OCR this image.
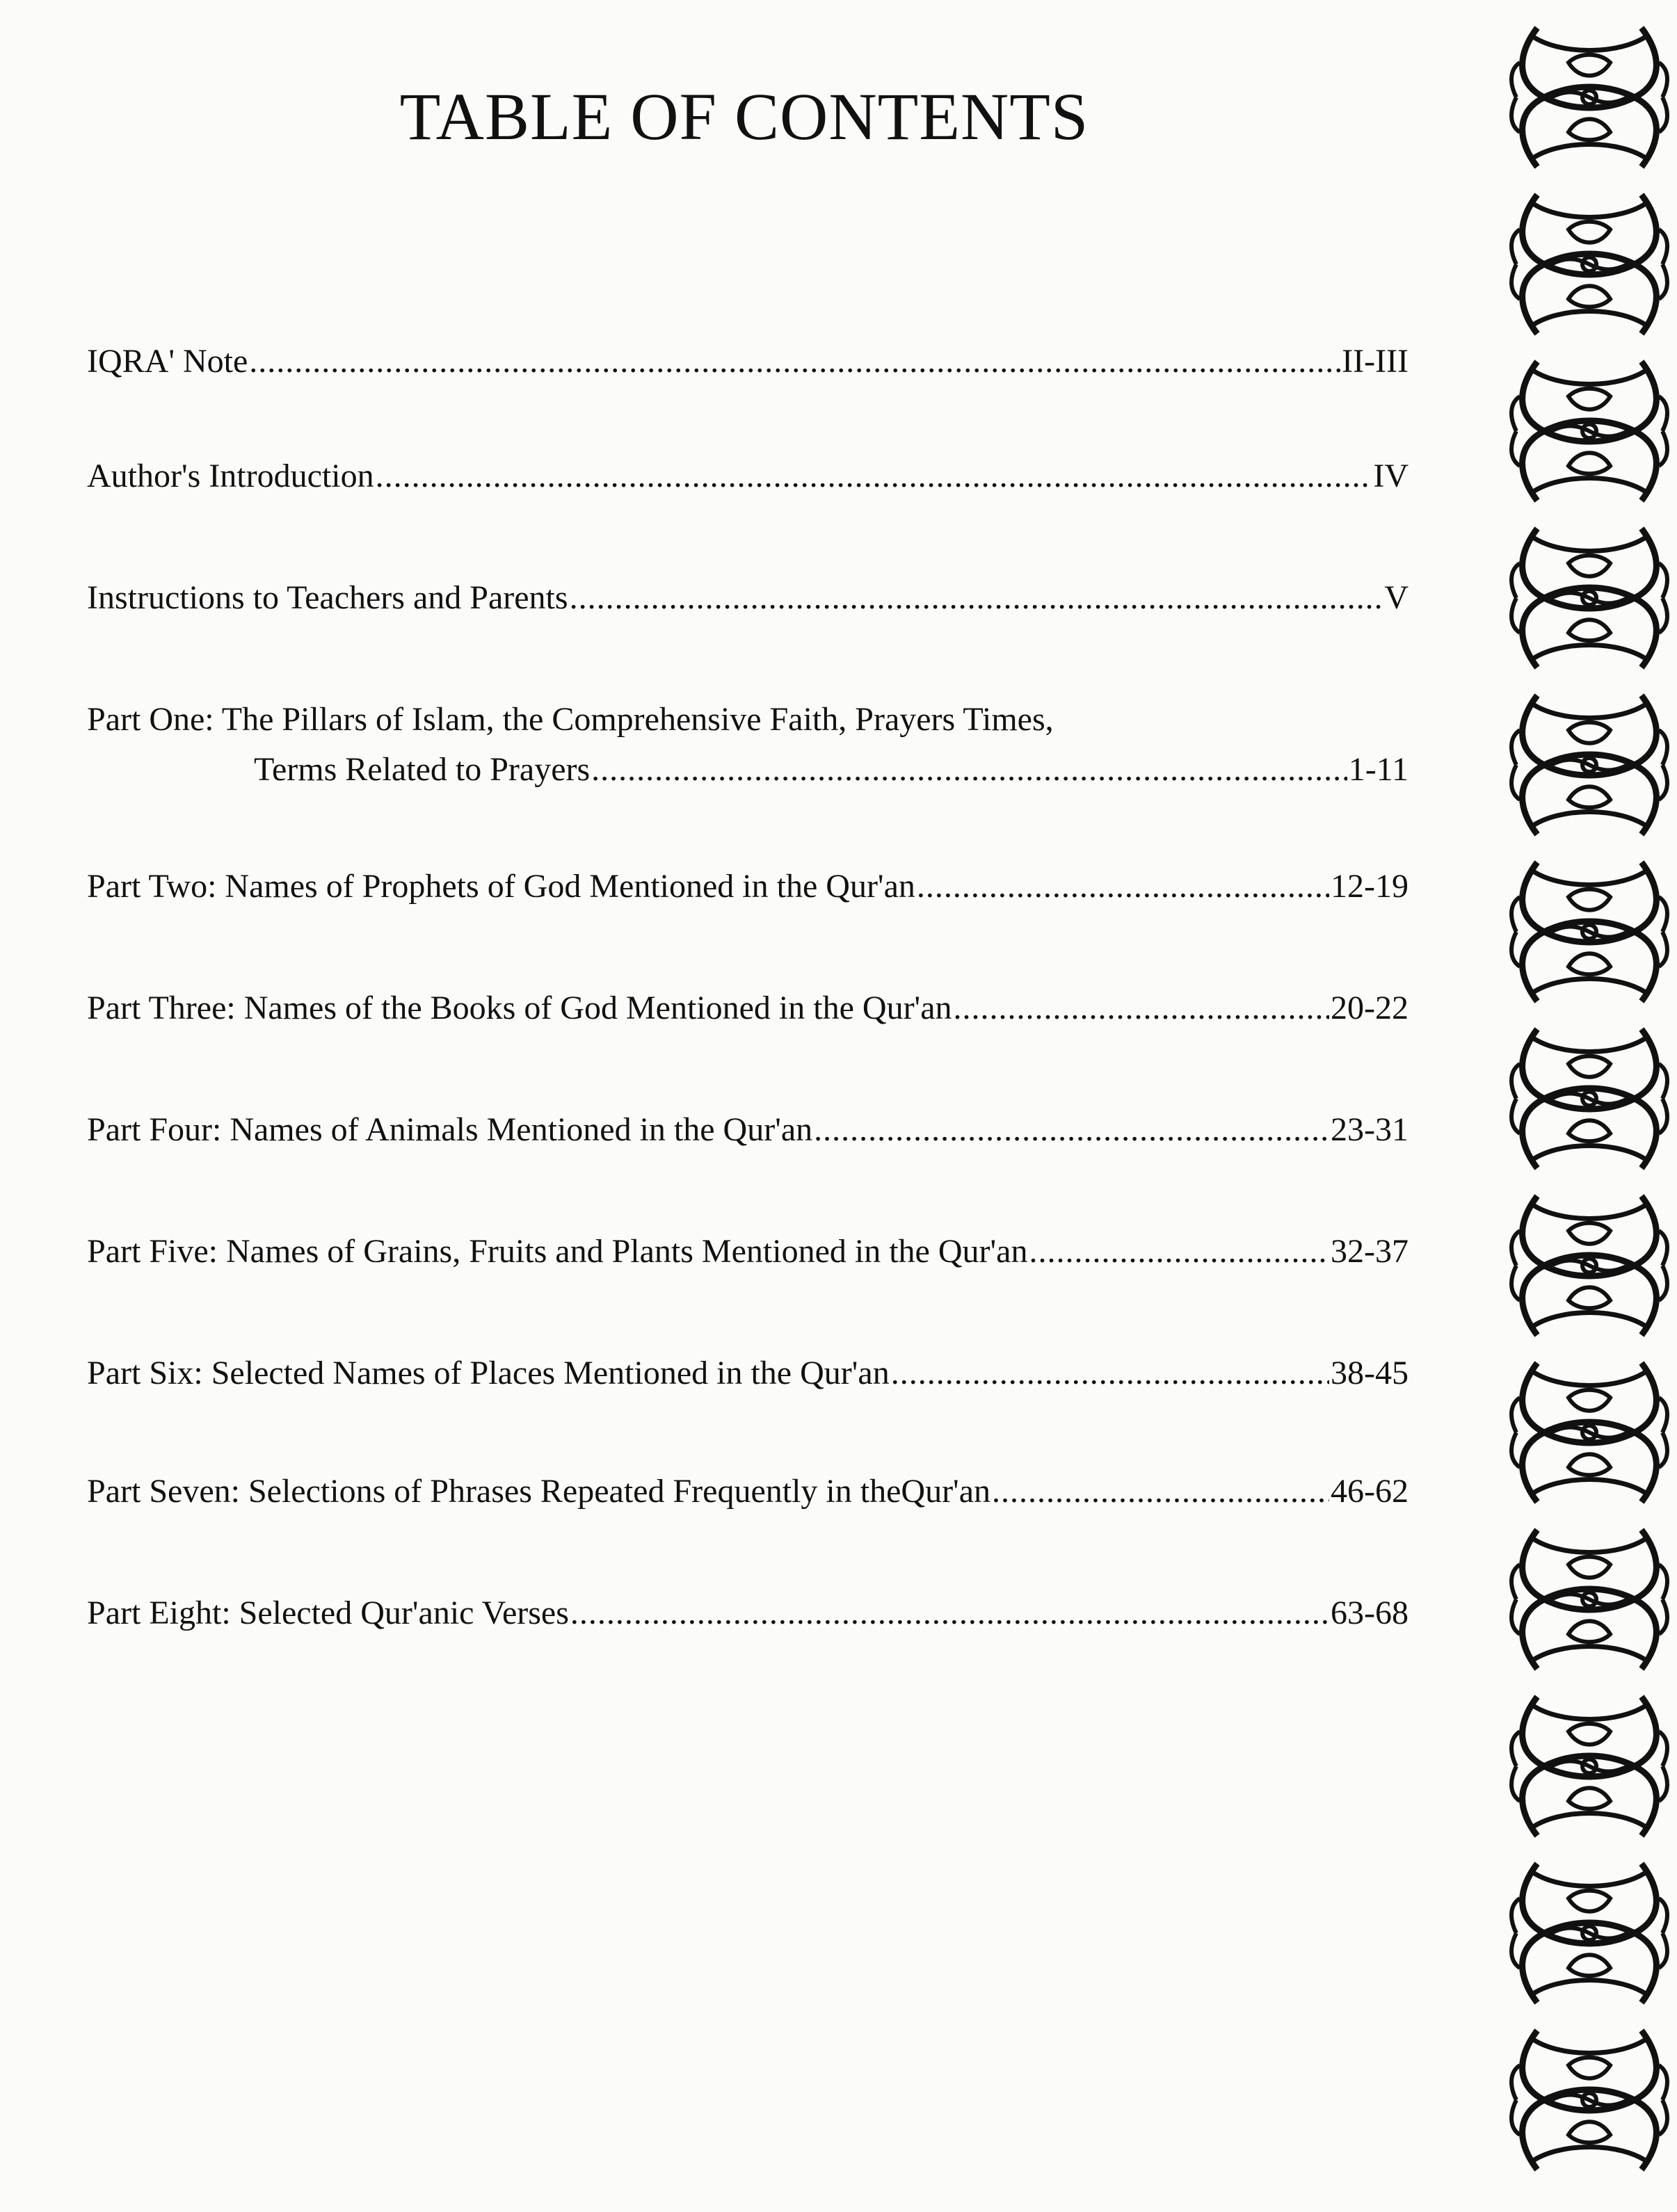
TABLE OF CONTENTS
IQRA' Note .....	II-III
Author's Introduction .....	IV
Instructions to Teachers and Parents .....	V
Part One: The Pillars of Islam, the Comprehensive Faith, Prayers Times,
Terms Related to Prayers .....	1-11
Part Two: Names of Prophets of God Mentioned in the Qur'an .....	12-19
Part Three: Names of the Books of God Mentioned in the Qur'an .....	20-22
Part Four: Names of Animals Mentioned in the Qur'an .....	23-31
Part Five: Names of Grains, Fruits and Plants Mentioned in the Qur'an .....	32-37
Part Six: Selected Names of Places Mentioned in the Qur'an .....	38-45
Part Seven: Selections of Phrases Repeated Frequently in theQur'an .....	46-62
Part Eight: Selected Qur'anic Verses .....	63-68
